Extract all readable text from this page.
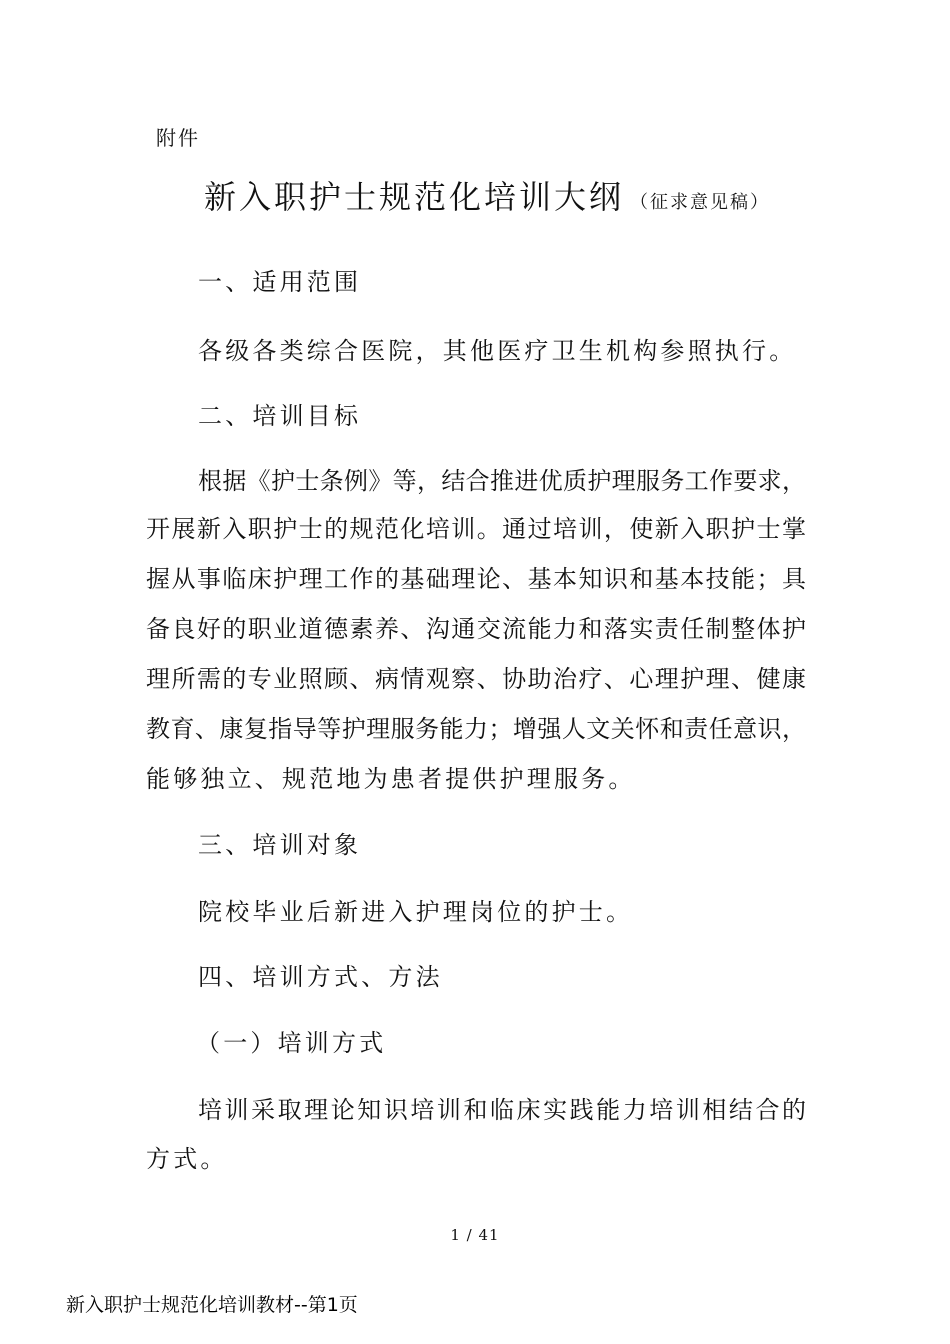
附件
新入职护士规范化培训大纲 （征求意见稿）
一、适用范围
各级各类综合医院，其他医疗卫生机构参照执行。
二、培训目标
根据《护士条例》等，结合推进优质护理服务工作要求，
开展新入职护士的规范化培训。通过培训，使新入职护士掌
握从事临床护理工作的基础理论、基本知识和基本技能；具
备良好的职业道德素养、沟通交流能力和落实责任制整体护
理所需的专业照顾、病情观察、协助治疗、心理护理、健康
教育、康复指导等护理服务能力；增强人文关怀和责任意识，
能够独立、规范地为患者提供护理服务。
三、培训对象
院校毕业后新进入护理岗位的护士。
四、培训方式、方法
（一）培训方式
培训采取理论知识培训和临床实践能力培训相结合的
方式。
1 / 41
新入职护士规范化培训教材--第1页
